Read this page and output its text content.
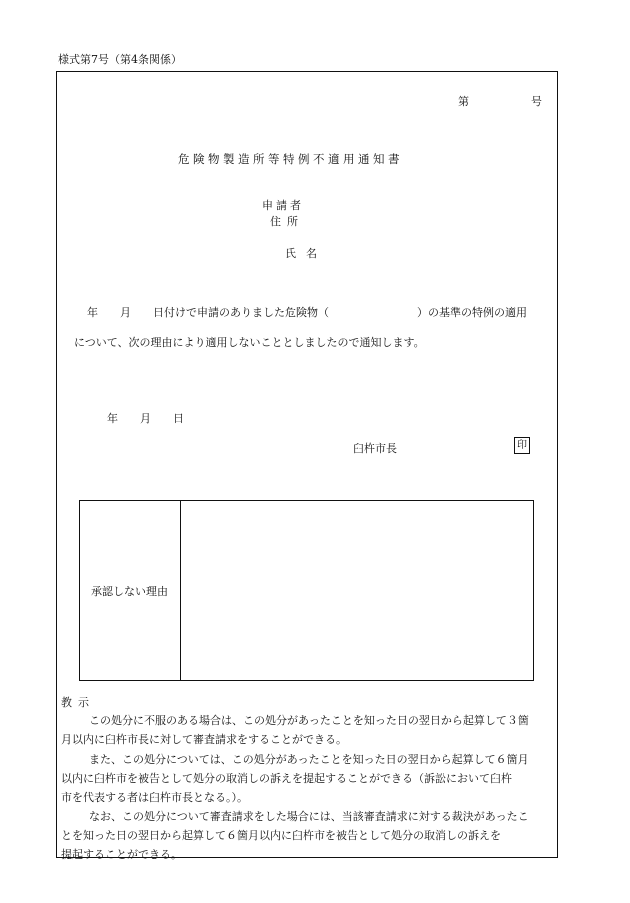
様式第7号（第4条関係）
第	号
危険物製造所等特例不適用通知書
申請者
住所
氏名
年　　月　　日付けで申請のありました危険物（　　　　　　　　）の基準の特例の適用
について、次の理由により適用しないこととしましたので通知します。
年　　月　　日
臼杵市長	印
承認しない理由
教示
この処分に不服のある場合は、この処分があったことを知った日の翌日から起算して３箇
月以内に臼杵市長に対して審査請求をすることができる。
また、この処分については、この処分があったことを知った日の翌日から起算して６箇月
以内に臼杵市を被告として処分の取消しの訴えを提起することができる（訴訟において臼杵
市を代表する者は臼杵市長となる。）。
なお、この処分について審査請求をした場合には、当該審査請求に対する裁決があったこ
とを知った日の翌日から起算して６箇月以内に臼杵市を被告として処分の取消しの訴えを
提起することができる。
